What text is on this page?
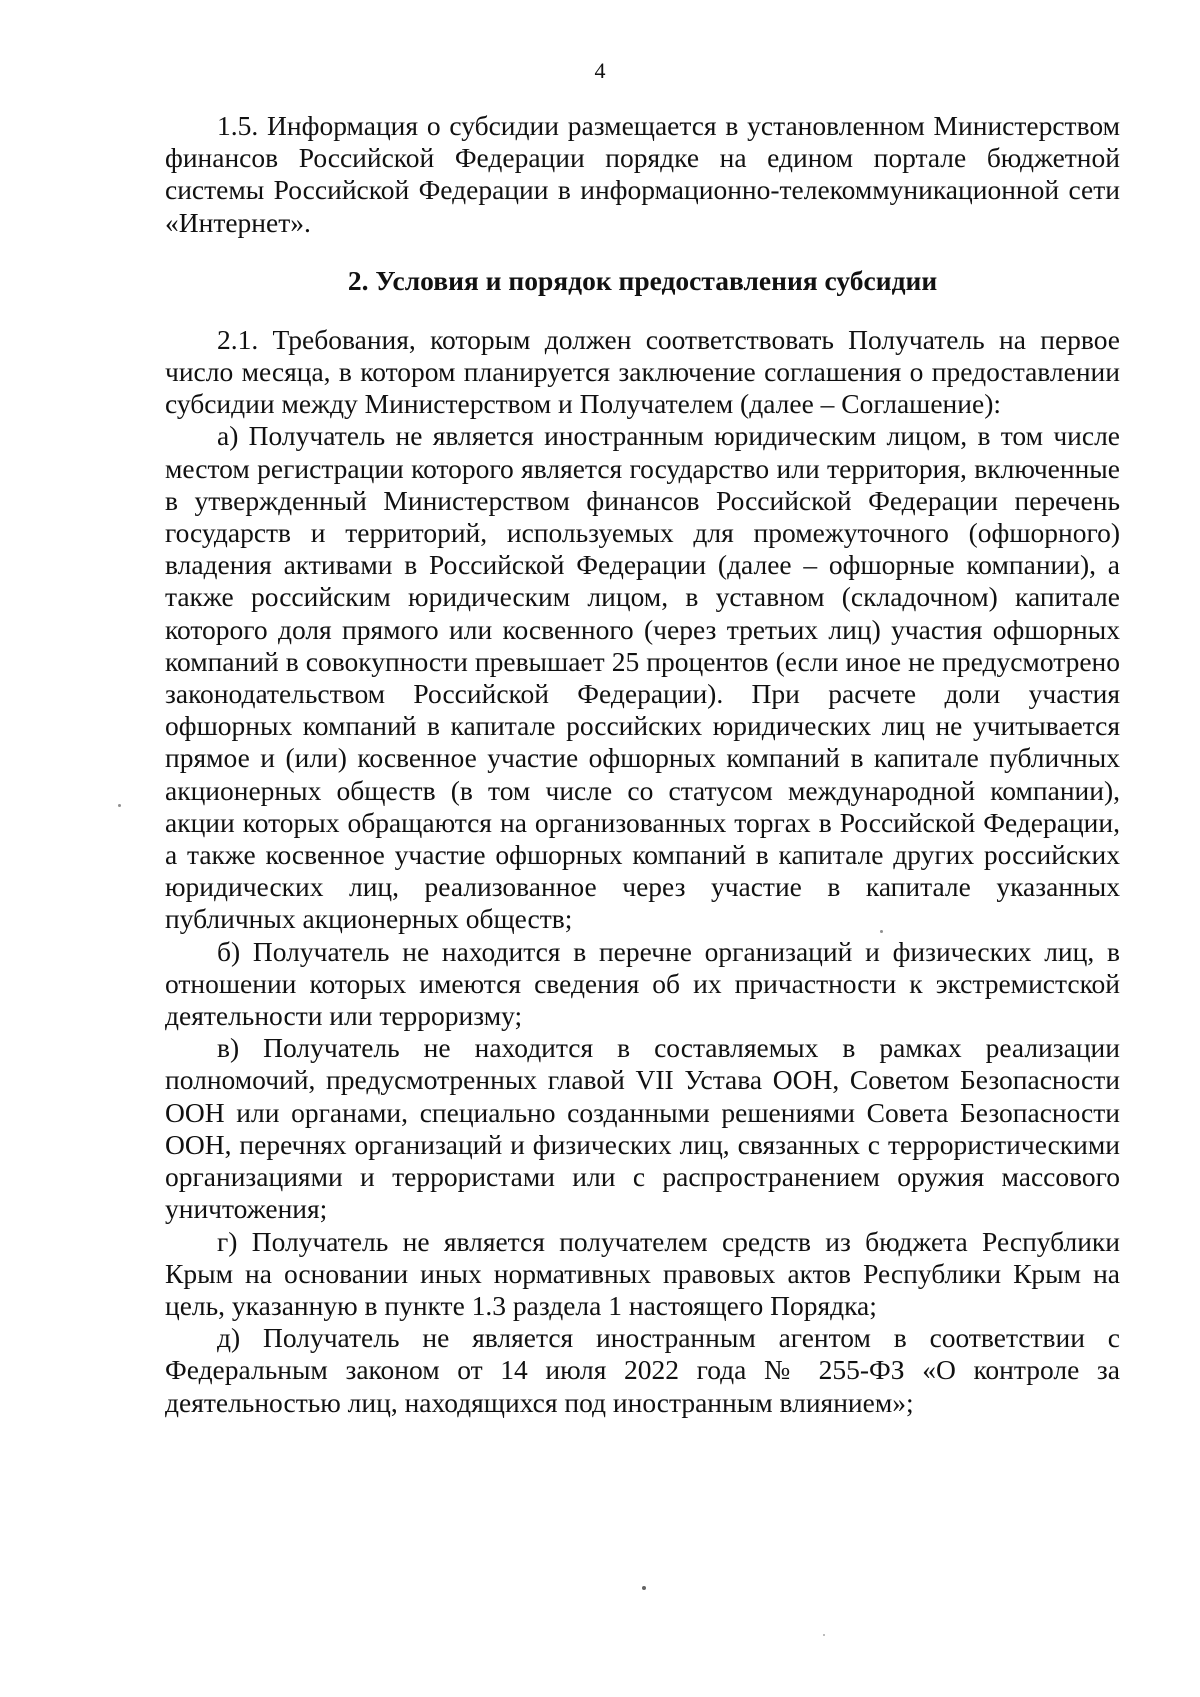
4

1.5. Информация о субсидии размещается в установленном Министерством финансов Российской Федерации порядке на едином портале бюджетной системы Российской Федерации в информационно-телекоммуникационной сети «Интернет».

2. Условия и порядок предоставления субсидии

2.1. Требования, которым должен соответствовать Получатель на первое число месяца, в котором планируется заключение соглашения о предоставлении субсидии между Министерством и Получателем (далее – Соглашение):

а) Получатель не является иностранным юридическим лицом, в том числе местом регистрации которого является государство или территория, включенные в утвержденный Министерством финансов Российской Федерации перечень государств и территорий, используемых для промежуточного (офшорного) владения активами в Российской Федерации (далее – офшорные компании), а также российским юридическим лицом, в уставном (складочном) капитале которого доля прямого или косвенного (через третьих лиц) участия офшорных компаний в совокупности превышает 25 процентов (если иное не предусмотрено законодательством Российской Федерации). При расчете доли участия офшорных компаний в капитале российских юридических лиц не учитывается прямое и (или) косвенное участие офшорных компаний в капитале публичных акционерных обществ (в том числе со статусом международной компании), акции которых обращаются на организованных торгах в Российской Федерации, а также косвенное участие офшорных компаний в капитале других российских юридических лиц, реализованное через участие в капитале указанных публичных акционерных обществ;

б) Получатель не находится в перечне организаций и физических лиц, в отношении которых имеются сведения об их причастности к экстремистской деятельности или терроризму;

в) Получатель не находится в составляемых в рамках реализации полномочий, предусмотренных главой VII Устава ООН, Советом Безопасности ООН или органами, специально созданными решениями Совета Безопасности ООН, перечнях организаций и физических лиц, связанных с террористическими организациями и террористами или с распространением оружия массового уничтожения;

г) Получатель не является получателем средств из бюджета Республики Крым на основании иных нормативных правовых актов Республики Крым на цель, указанную в пункте 1.3 раздела 1 настоящего Порядка;

д) Получатель не является иностранным агентом в соответствии с Федеральным законом от 14 июля 2022 года № 255-ФЗ «О контроле за деятельностью лиц, находящихся под иностранным влиянием»;
